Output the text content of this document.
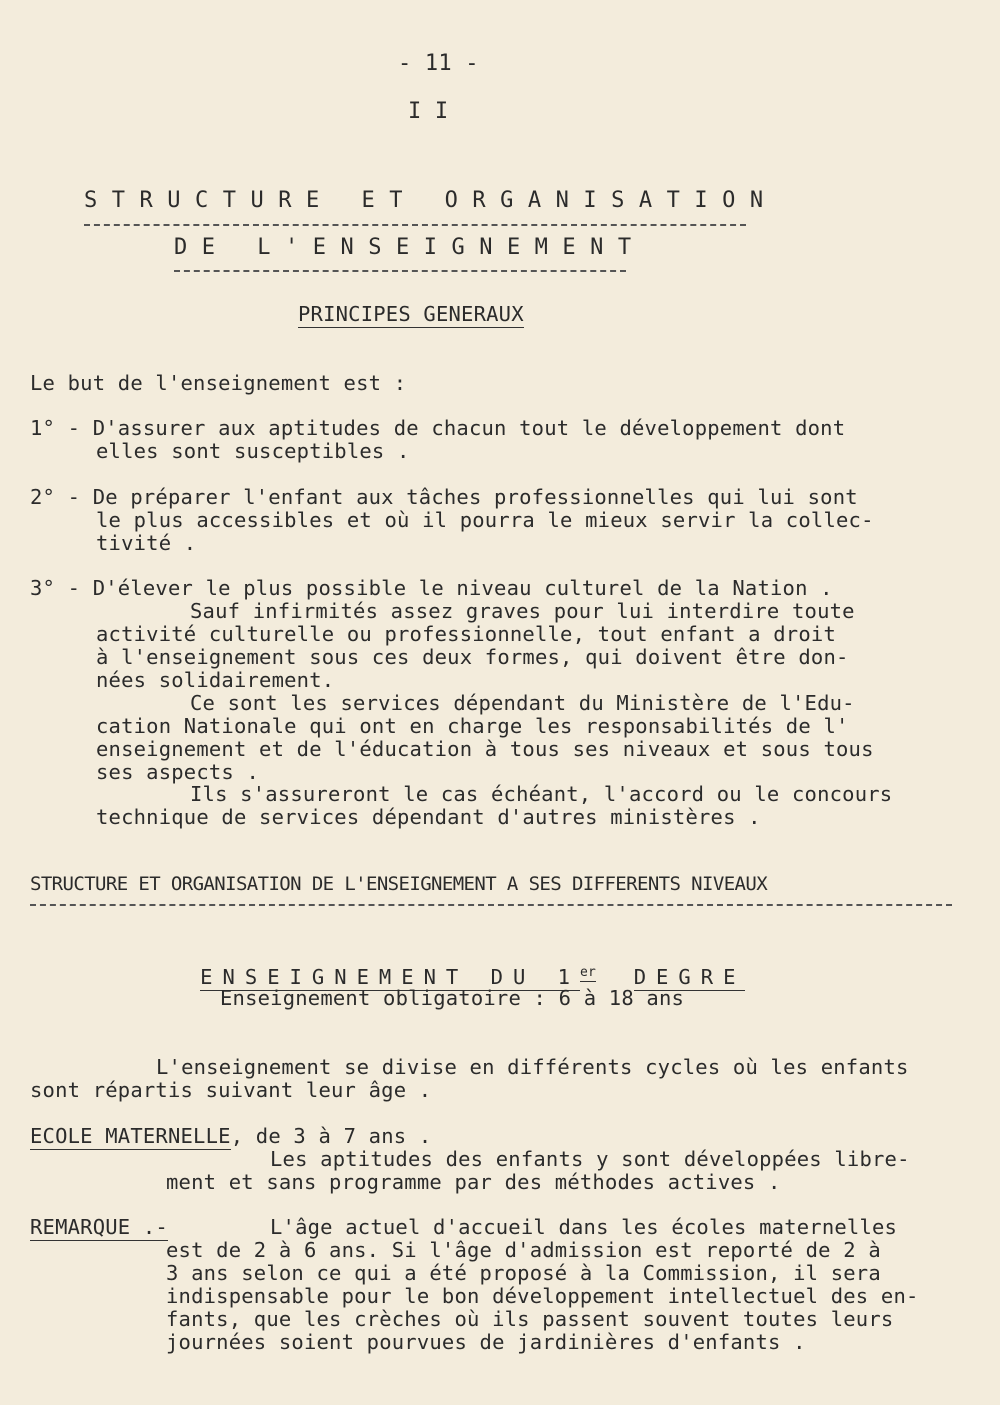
- 11 -
I I
STRUCTURE ET ORGANISATION
DE L'ENSEIGNEMENT
PRINCIPES GENERAUX
Le but de l'enseignement est :
1° - D'assurer aux aptitudes de chacun tout le développement dont
elles sont susceptibles .
2° - De préparer l'enfant aux tâches professionnelles qui lui sont
le plus accessibles et où il pourra le mieux servir la collec-
tivité .
3° - D'élever le plus possible le niveau culturel de la Nation .
Sauf infirmités assez graves pour lui interdire toute
activité culturelle ou professionnelle, tout enfant a droit
à l'enseignement sous ces deux formes, qui doivent être don-
nées solidairement.
Ce sont les services dépendant du Ministère de l'Edu-
cation Nationale qui ont en charge les responsabilités de l'
enseignement et de l'éducation à tous ses niveaux et sous tous
ses aspects .
Ils s'assureront le cas échéant, l'accord ou le concours
technique de services dépendant d'autres ministères .
STRUCTURE ET ORGANISATION DE L'ENSEIGNEMENT A SES DIFFERENTS NIVEAUX

ENSEIGNEMENT DU 1er DEGRE

Enseignement obligatoire : 6 à 18 ans
L'enseignement se divise en différents cycles où les enfants
sont répartis suivant leur âge .
ECOLE MATERNELLE, de 3 à 7 ans .
Les aptitudes des enfants y sont développées libre-
ment et sans programme par des méthodes actives .
REMARQUE .-	L'âge actuel d'accueil dans les écoles maternelles
est de 2 à 6 ans. Si l'âge d'admission est reporté de 2 à
3 ans selon ce qui a été proposé à la Commission, il sera
indispensable pour le bon développement intellectuel des en-
fants, que les crèches où ils passent souvent toutes leurs
journées soient pourvues de jardinières d'enfants .
